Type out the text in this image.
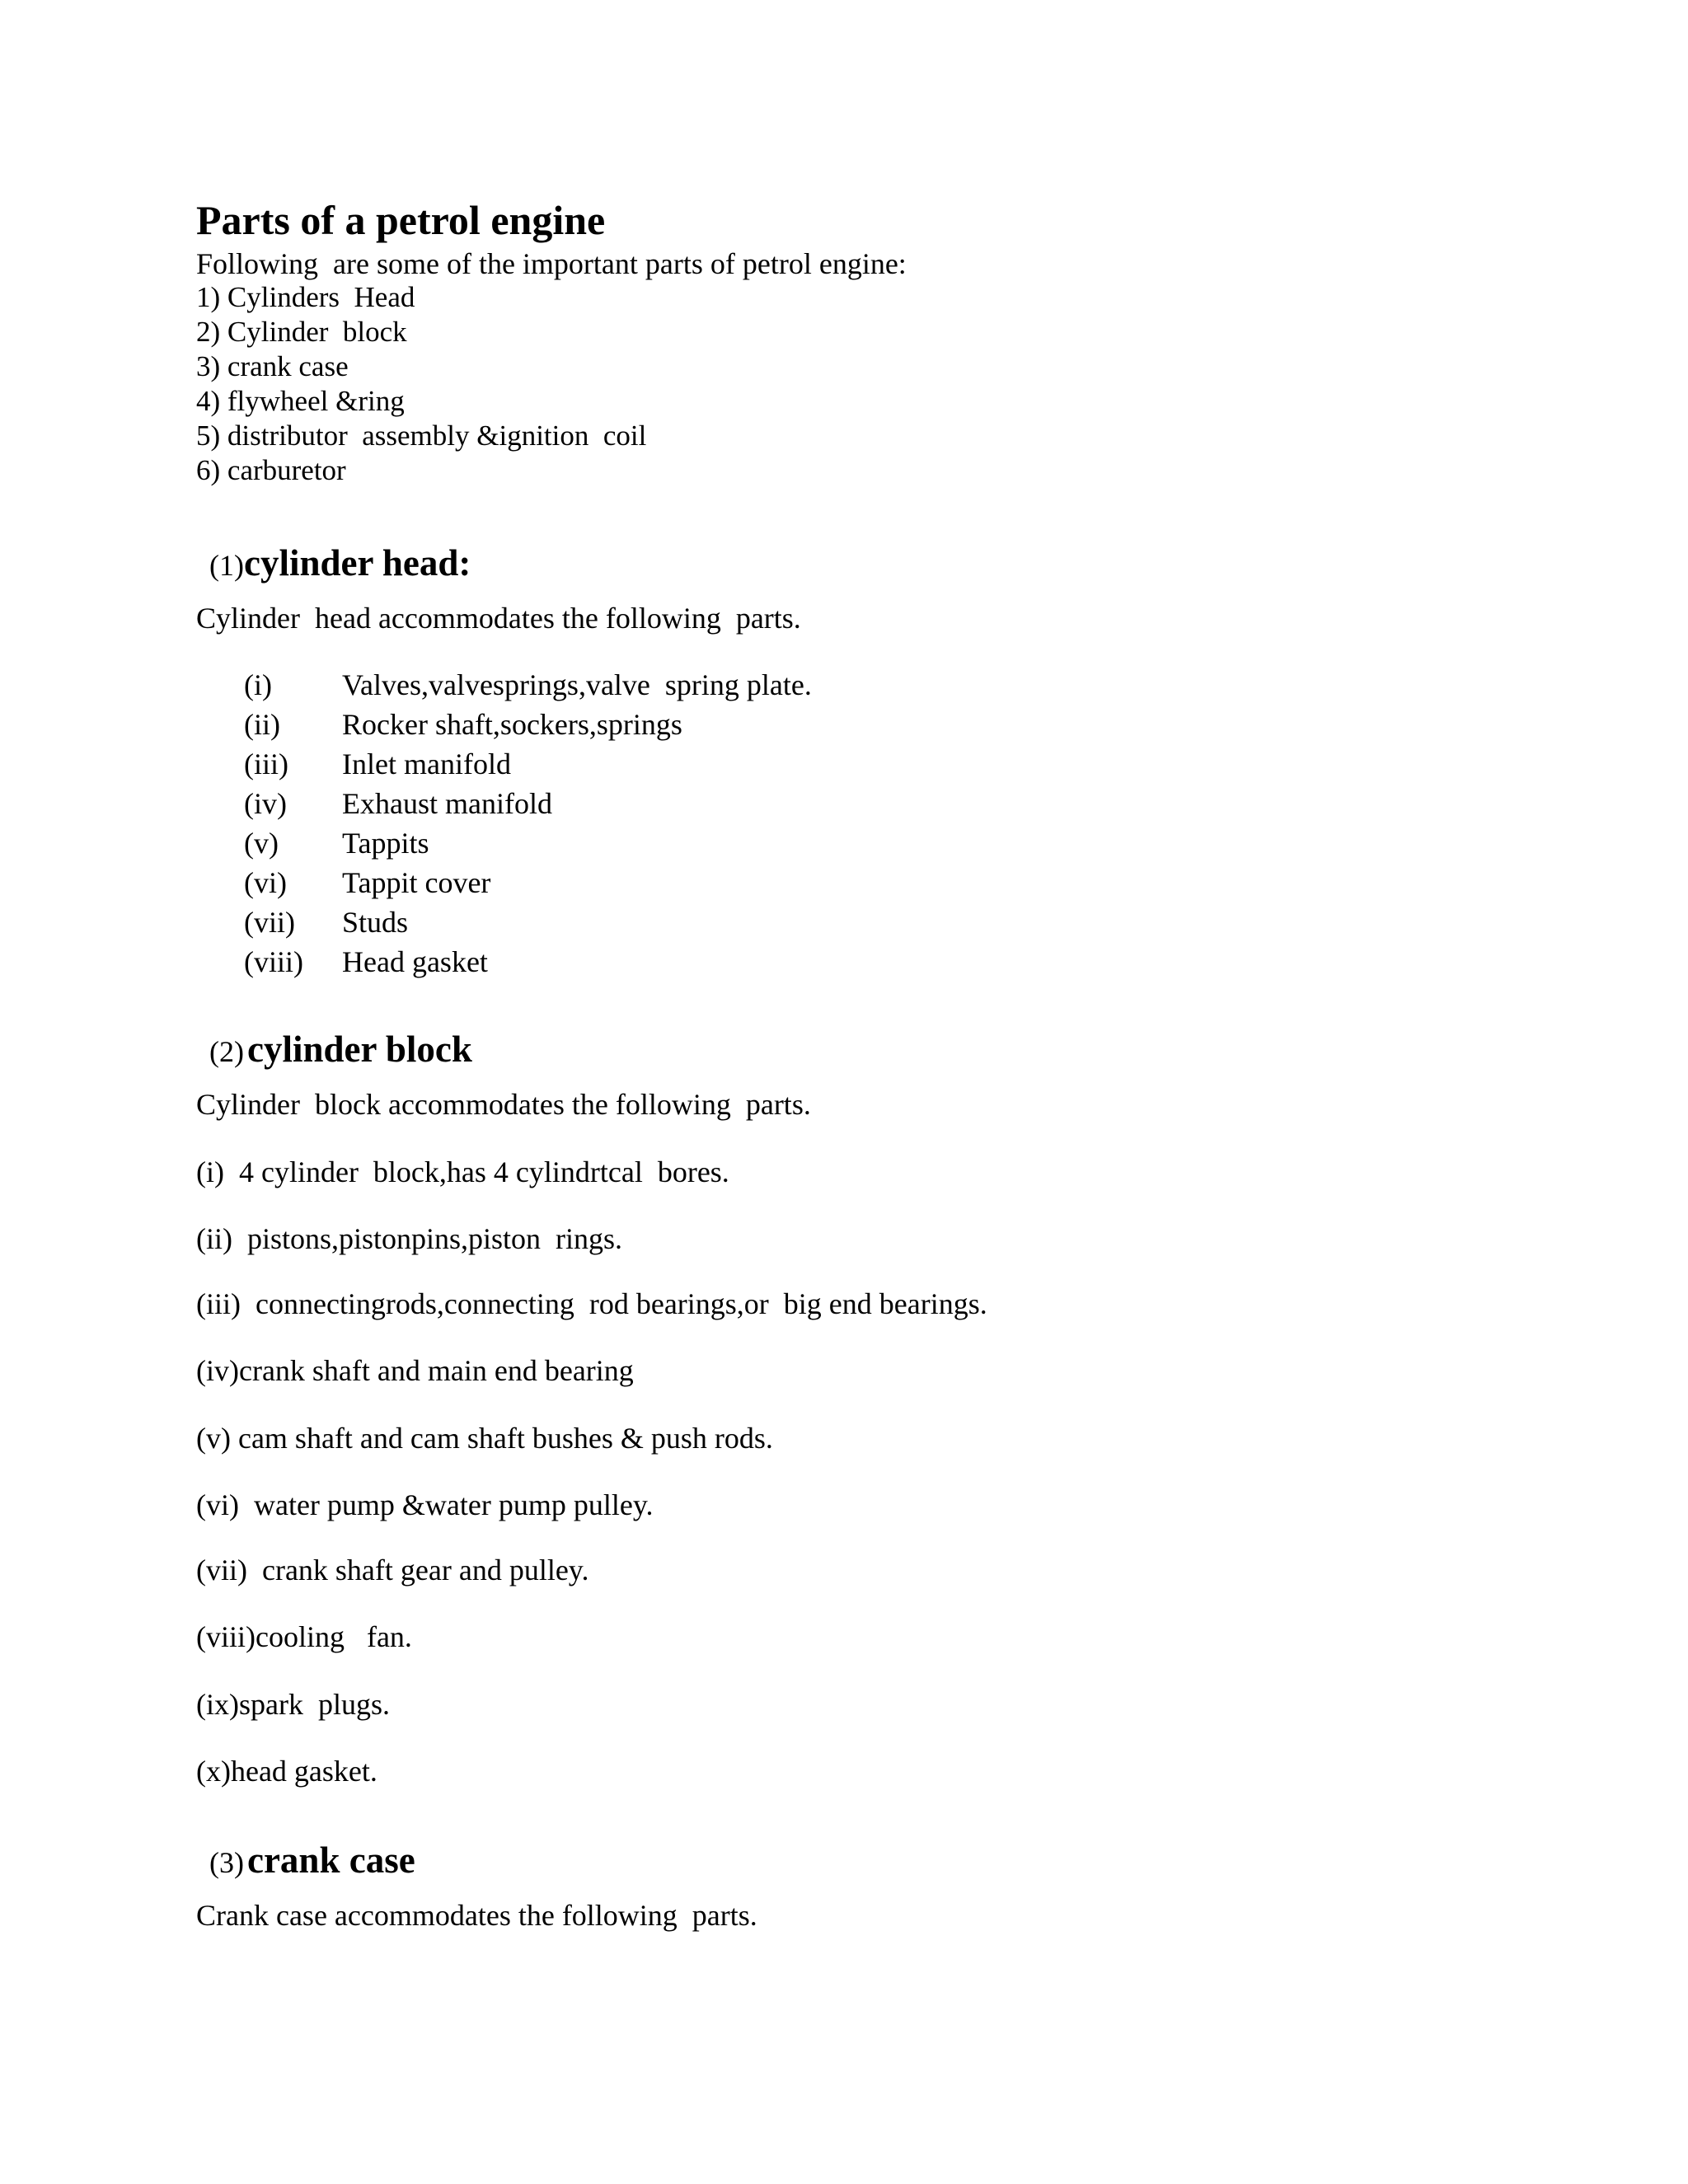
Parts of a petrol engine
Following  are some of the important parts of petrol engine:
1) Cylinders  Head
2) Cylinder  block
3) crank case
4) flywheel &ring
5) distributor  assembly &ignition  coil
6) carburetor

(1)cylinder head:

Cylinder  head accommodates the following  parts.
(i) Valves,valvesprings,valve  spring plate.
(ii) Rocker shaft,sockers,springs
(iii) Inlet manifold
(iv) Exhaust manifold
(v) Tappits
(vi) Tappit cover
(vii) Studs
(viii) Head gasket

(2) cylinder block

Cylinder  block accommodates the following  parts.
(i)  4 cylinder  block,has 4 cylindrtcal  bores.
(ii)  pistons,pistonpins,piston  rings.
(iii)  connectingrods,connecting  rod bearings,or  big end bearings.
(iv)crank shaft and main end bearing
(v) cam shaft and cam shaft bushes & push rods.
(vi)  water pump &water pump pulley.
(vii)  crank shaft gear and pulley.
(viii)cooling   fan.
(ix)spark  plugs.
(x)head gasket.

(3) crank case

Crank case accommodates the following  parts.
